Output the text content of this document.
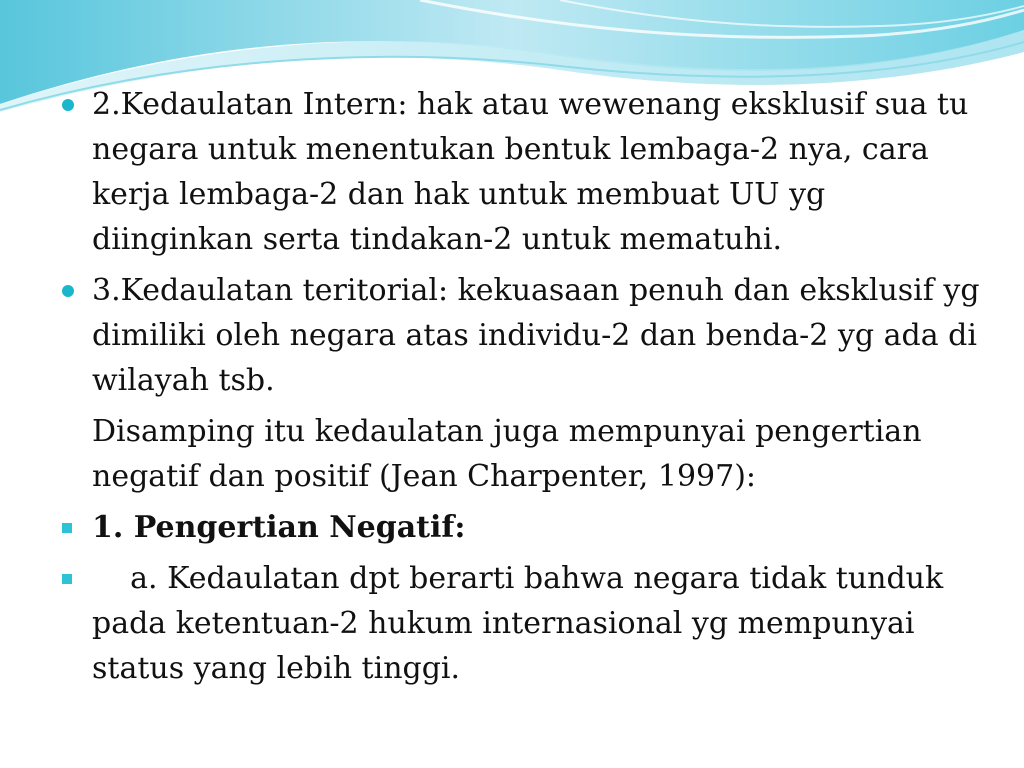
2.Kedaulatan Intern: hak atau wewenang eksklusif sua tu negara untuk menentukan bentuk lembaga-2 nya, cara kerja lembaga-2 dan hak untuk membuat UU yg diinginkan serta tindakan-2 untuk mematuhi.
3.Kedaulatan teritorial: kekuasaan penuh dan eksklusif yg dimiliki oleh negara atas individu-2 dan benda-2 yg ada di wilayah tsb.
Disamping itu kedaulatan juga mempunyai pengertian negatif dan positif (Jean Charpenter, 1997):
1. Pengertian Negatif:
a. Kedaulatan dpt berarti bahwa negara tidak tunduk pada ketentuan-2 hukum internasional yg mempunyai status yang lebih tinggi.
